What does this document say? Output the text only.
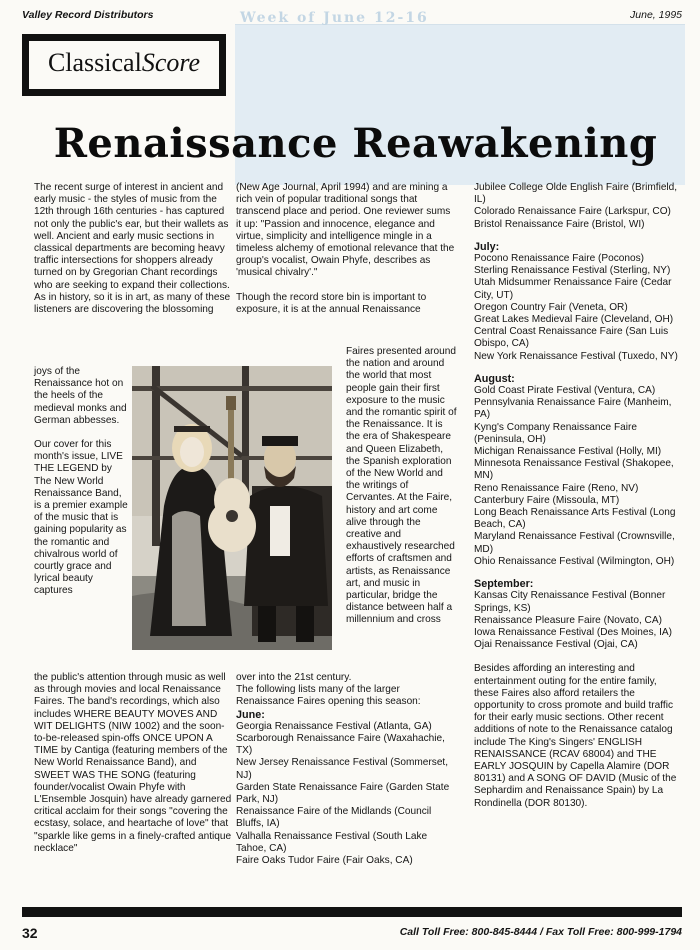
Week of June 12-16
Valley Record Distributors	June, 1995
ClassicalScore
Renaissance Reawakening

The recent surge of interest in ancient and early music - the styles of music from the 12th through 16th centuries - has captured not only the public's ear, but their wallets as well. Ancient and early music sections in classical departments are becoming heavy traffic intersections for shoppers already turned on by Gregorian Chant recordings who are seeking to expand their collections. As in history, so it is in art, as many of these listeners are discovering the blossoming

joys of the Renaissance hot on the heels of the medieval monks and German abbesses.

Our cover for this month's issue, LIVE THE LEGEND by The New World Renaissance Band, is a premier example of the music that is gaining popularity as the romantic and chivalrous world of courtly grace and lyrical beauty captures

the public's attention through music as well as through movies and local Renaissance Faires. The band's recordings, which also includes WHERE BEAUTY MOVES AND WIT DELIGHTS (NIW 1002) and the soon-to-be-released spin-offs ONCE UPON A TIME by Cantiga (featuring members of the New World Renaissance Band), and SWEET WAS THE SONG (featuring founder/vocalist Owain Phyfe with L'Ensemble Josquin) have already garnered critical acclaim for their songs "covering the ecstasy, solace, and heartache of love" that "sparkle like gems in a finely-crafted antique necklace"

(New Age Journal, April 1994) and are mining a rich vein of popular traditional songs that transcend place and period. One reviewer sums it up: "Passion and innocence, elegance and virtue, simplicity and intelligence mingle in a timeless alchemy of emotional relevance that the group's vocalist, Owain Phyfe, describes as 'musical chivalry'."

Though the record store bin is important to exposure, it is at the annual Renaissance

Faires presented around the nation and around the world that most people gain their first exposure to the music and the romantic spirit of the Renaissance. It is the era of Shakespeare and Queen Elizabeth, the Spanish exploration of the New World and the writings of Cervantes. At the Faire, history and art come alive through the creative and exhaustively researched efforts of craftsmen and artists, as Renaissance art, and music in particular, bridge the distance between half a millennium and cross

over into the 21st century.

The following lists many of the larger Renaissance Faires opening this season:

June:
Georgia Renaissance Festival (Atlanta, GA)
Scarborough Renaissance Faire (Waxahachie, TX)
New Jersey Renaissance Festival (Sommerset, NJ)
Garden State Renaissance Faire (Garden State Park, NJ)
Renaissance Faire of the Midlands (Council Bluffs, IA)
Valhalla Renaissance Festival (South Lake Tahoe, CA)
Faire Oaks Tudor Faire (Fair Oaks, CA)
Jubilee College Olde English Faire (Brimfield, IL)
Colorado Renaissance Faire (Larkspur, CO)
Bristol Renaissance Faire (Bristol, WI)
July:
Pocono Renaissance Faire (Poconos)
Sterling Renaissance Festival (Sterling, NY)
Utah Midsummer Renaissance Faire (Cedar City, UT)
Oregon Country Fair (Veneta, OR)
Great Lakes Medieval Faire (Cleveland, OH)
Central Coast Renaissance Faire (San Luis Obispo, CA)
New York Renaissance Festival (Tuxedo, NY)
August:
Gold Coast Pirate Festival (Ventura, CA)
Pennsylvania Renaissance Faire (Manheim, PA)
Kyng's Company Renaissance Faire (Peninsula, OH)
Michigan Renaissance Festival (Holly, MI)
Minnesota Renaissance Festival (Shakopee, MN)
Reno Renaissance Faire (Reno, NV)
Canterbury Faire (Missoula, MT)
Long Beach Renaissance Arts Festival (Long Beach, CA)
Maryland Renaissance Festival (Crownsville, MD)
Ohio Renaissance Festival (Wilmington, OH)
September:
Kansas City Renaissance Festival (Bonner Springs, KS)
Renaissance Pleasure Faire (Novato, CA)
Iowa Renaissance Festival (Des Moines, IA)
Ojai Renaissance Festival (Ojai, CA)

Besides affording an interesting and entertainment outing for the entire family, these Faires also afford retailers the opportunity to cross promote and build traffic for their early music sections. Other recent additions of note to the Renaissance catalog include The King's Singers' ENGLISH RENAISSANCE (RCAV 68004) and THE EARLY JOSQUIN by Capella Alamire (DOR 80131) and A SONG OF DAVID (Music of the Sephardim and Renaissance Spain) by La Rondinella (DOR 80130).

32	Call Toll Free: 800-845-8444 / Fax Toll Free: 800-999-1794
